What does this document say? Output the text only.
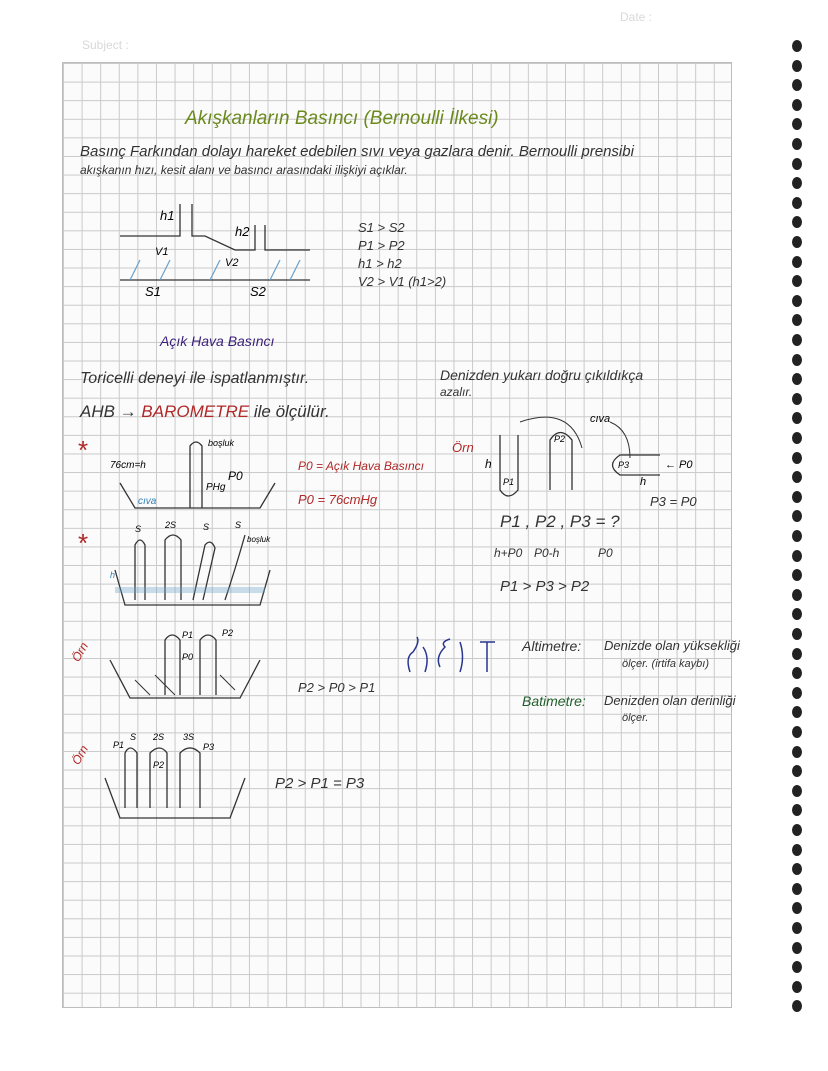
Subject :
Date :
Akışkanların Basıncı (Bernoulli İlkesi)
Basınç Farkından dolayı hareket edebilen sıvı veya gazlara denir. Bernoulli prensibi
akışkanın hızı, kesit alanı ve basıncı arasındaki ilişkiyi açıklar.
h1
h2
V1
V2
S1	S2
S1 > S2
P1 > P2
h1 > h2
V2 > V1 (h1>2)
Açık Hava Basıncı
Toricelli deneyi ile ispatlanmıştır.
AHB → BAROMETRE ile ölçülür.
*	boşluk
76cm=h
PHg
P0
cıva
P0 = Açık Hava Basıncı
P0 = 76cmHg
*	S	2S	S	S
boşluk
h
Örn
P1	P2
P0
P2 > P0 > P1
Örn P1
S 2S 3S
P2
P3
P2 > P1 = P3
Denizden yukarı doğru çıkıldıkça
azalır.
Örn
cıva
h
P1
P2
P3
h
← P0
P3 = P0
P1 , P2 , P3 = ?
h+P0 P0-h	P0
P1 > P3 > P2
Altimetre: Denizde olan yüksekliği
ölçer. (irtifa kaybı)
Batimetre: Denizden olan derinliği
ölçer.
